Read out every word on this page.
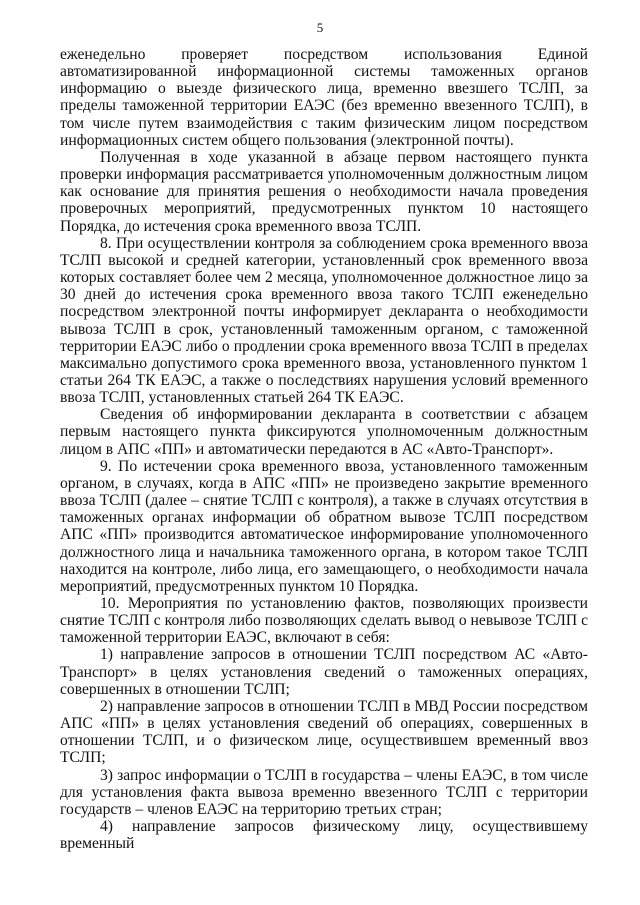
5

еженедельно проверяет посредством использования Единой автоматизированной информационной системы таможенных органов информацию о выезде физического лица, временно ввезшего ТСЛП, за пределы таможенной территории ЕАЭС (без временно ввезенного ТСЛП), в том числе путем взаимодействия с таким физическим лицом посредством информационных систем общего пользования (электронной почты).

Полученная в ходе указанной в абзаце первом настоящего пункта проверки информация рассматривается уполномоченным должностным лицом как основание для принятия решения о необходимости начала проведения проверочных мероприятий, предусмотренных пунктом 10 настоящего Порядка, до истечения срока временного ввоза ТСЛП.

8. При осуществлении контроля за соблюдением срока временного ввоза ТСЛП высокой и средней категории, установленный срок временного ввоза которых составляет более чем 2 месяца, уполномоченное должностное лицо за 30 дней до истечения срока временного ввоза такого ТСЛП еженедельно посредством электронной почты информирует декларанта о необходимости вывоза ТСЛП в срок, установленный таможенным органом, с таможенной территории ЕАЭС либо о продлении срока временного ввоза ТСЛП в пределах максимально допустимого срока временного ввоза, установленного пунктом 1 статьи 264 ТК ЕАЭС, а также о последствиях нарушения условий временного ввоза ТСЛП, установленных статьей 264 ТК ЕАЭС.

Сведения об информировании декларанта в соответствии с абзацем первым настоящего пункта фиксируются уполномоченным должностным лицом в АПС «ПП» и автоматически передаются в АС «Авто-Транспорт».

9. По истечении срока временного ввоза, установленного таможенным органом, в случаях, когда в АПС «ПП» не произведено закрытие временного ввоза ТСЛП (далее – снятие ТСЛП с контроля), а также в случаях отсутствия в таможенных органах информации об обратном вывозе ТСЛП посредством АПС «ПП» производится автоматическое информирование уполномоченного должностного лица и начальника таможенного органа, в котором такое ТСЛП находится на контроле, либо лица, его замещающего, о необходимости начала мероприятий, предусмотренных пунктом 10 Порядка.

10. Мероприятия по установлению фактов, позволяющих произвести снятие ТСЛП с контроля либо позволяющих сделать вывод о невывозе ТСЛП с таможенной территории ЕАЭС, включают в себя:

1) направление запросов в отношении ТСЛП посредством АС «Авто-Транспорт» в целях установления сведений о таможенных операциях, совершенных в отношении ТСЛП;

2) направление запросов в отношении ТСЛП в МВД России посредством АПС «ПП» в целях установления сведений об операциях, совершенных в отношении ТСЛП, и о физическом лице, осуществившем временный ввоз ТСЛП;

3) запрос информации о ТСЛП в государства – члены ЕАЭС, в том числе для установления факта вывоза временно ввезенного ТСЛП с территории государств – членов ЕАЭС на территорию третьих стран;

4) направление запросов физическому лицу, осуществившему временный
